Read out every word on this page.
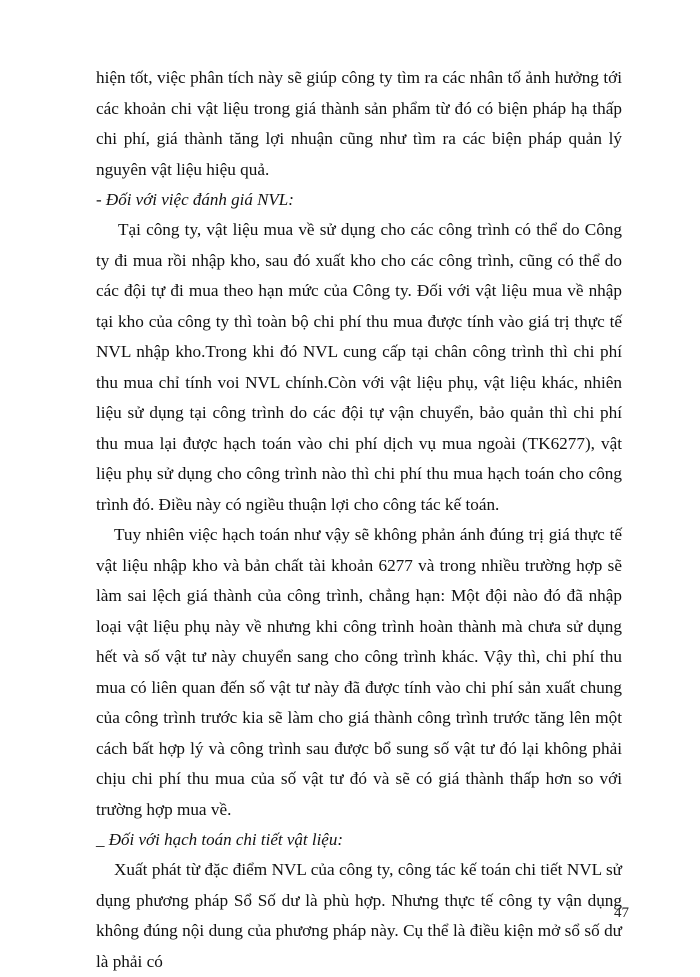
hiện tốt, việc phân tích này sẽ giúp công ty tìm ra các nhân tố ảnh hưởng tới các khoản chi vật liệu trong giá thành sản phẩm từ đó có biện pháp hạ thấp chi phí, giá thành tăng lợi nhuận cũng như tìm ra các biện pháp quản lý nguyên vật liệu hiệu quả.

- Đối với việc đánh giá NVL:

Tại công ty, vật liệu mua về sử dụng cho các công trình có thể do Công ty đi mua rồi nhập kho, sau đó xuất kho cho các công trình, cũng có thể do các đội tự đi mua theo hạn mức của Công ty. Đối với vật liệu mua về nhập tại kho của công ty thì toàn bộ chi phí thu mua được tính vào giá trị thực tế NVL nhập kho.Trong khi đó NVL cung cấp tại chân công trình thì chi phí thu mua chỉ tính voi NVL chính.Còn với vật liệu phụ, vật liệu khác, nhiên liệu sử dụng tại công trình do các đội tự vận chuyển, bảo quản thì chi phí thu mua lại được hạch toán vào chi phí dịch vụ mua ngoài (TK6277), vật liệu phụ sử dụng cho công trình nào thì chi phí thu mua hạch toán cho công trình đó. Điều này có ngiều thuận lợi cho công tác kế toán.

Tuy nhiên việc hạch toán như vậy sẽ không phản ánh đúng trị giá thực tế vật liệu nhập kho và bản chất tài khoản 6277 và trong nhiều trường hợp sẽ làm sai lệch giá thành của công trình, chẳng hạn: Một đội nào đó đã nhập loại vật liệu phụ này về nhưng khi công trình hoàn thành mà chưa sử dụng hết và số vật tư này chuyển sang cho công trình khác. Vậy thì, chi phí thu mua có liên quan đến số vật tư này đã được tính vào chi phí sản xuất chung của công trình trước kia sẽ làm cho giá thành công trình trước tăng lên một cách bất hợp lý và công trình sau được bổ sung số vật tư đó lại không phải chịu chi phí thu mua của số vật tư đó và sẽ có giá thành thấp hơn so với trường hợp mua về.

_ Đối với hạch toán chi tiết vật liệu:

Xuất phát từ đặc điểm NVL của công ty, công tác kế toán chi tiết NVL sử dụng phương pháp Sổ Số dư là phù hợp. Nhưng thực tế công ty vận dụng không đúng nội dung của phương pháp này. Cụ thể là điều kiện mở sổ số dư là phải có

47
